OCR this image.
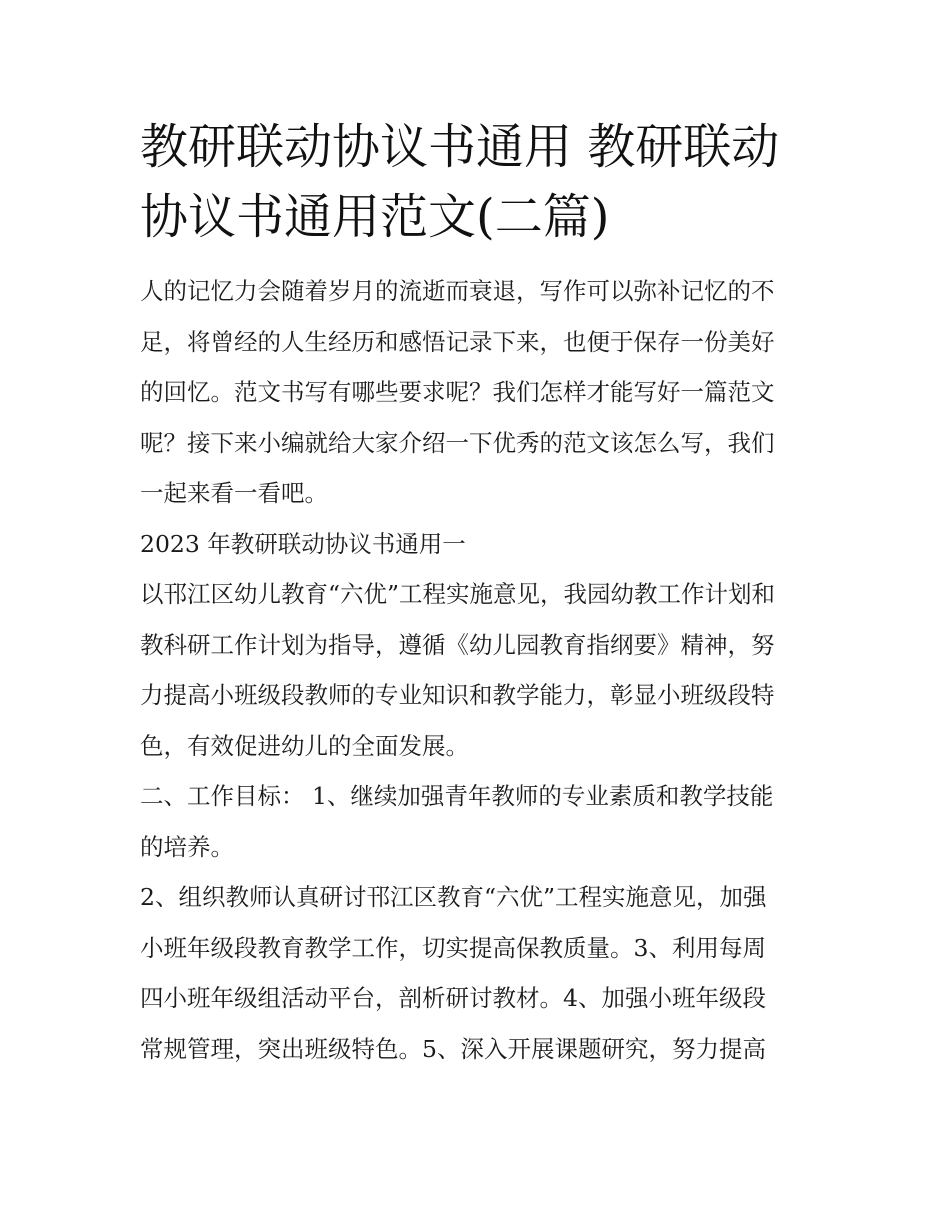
教研联动协议书通用 教研联动
协议书通用范文(二篇)

人的记忆力会随着岁月的流逝而衰退，写作可以弥补记忆的不
足，将曾经的人生经历和感悟记录下来，也便于保存一份美好
的回忆。范文书写有哪些要求呢？我们怎样才能写好一篇范文
呢？接下来小编就给大家介绍一下优秀的范文该怎么写，我们
一起来看一看吧。

2023 年教研联动协议书通用一

以邗江区幼儿教育“六优”工程实施意见，我园幼教工作计划和
教科研工作计划为指导，遵循《幼儿园教育指纲要》精神，努
力提高小班级段教师的专业知识和教学能力，彰显小班级段特
色，有效促进幼儿的全面发展。

二、工作目标： 1、继续加强青年教师的专业素质和教学技能
的培养。

2、组织教师认真研讨邗江区教育“六优”工程实施意见，加强
小班年级段教育教学工作，切实提高保教质量。3、利用每周
四小班年级组活动平台，剖析研讨教材。4、加强小班年级段
常规管理，突出班级特色。5、深入开展课题研究，努力提高
